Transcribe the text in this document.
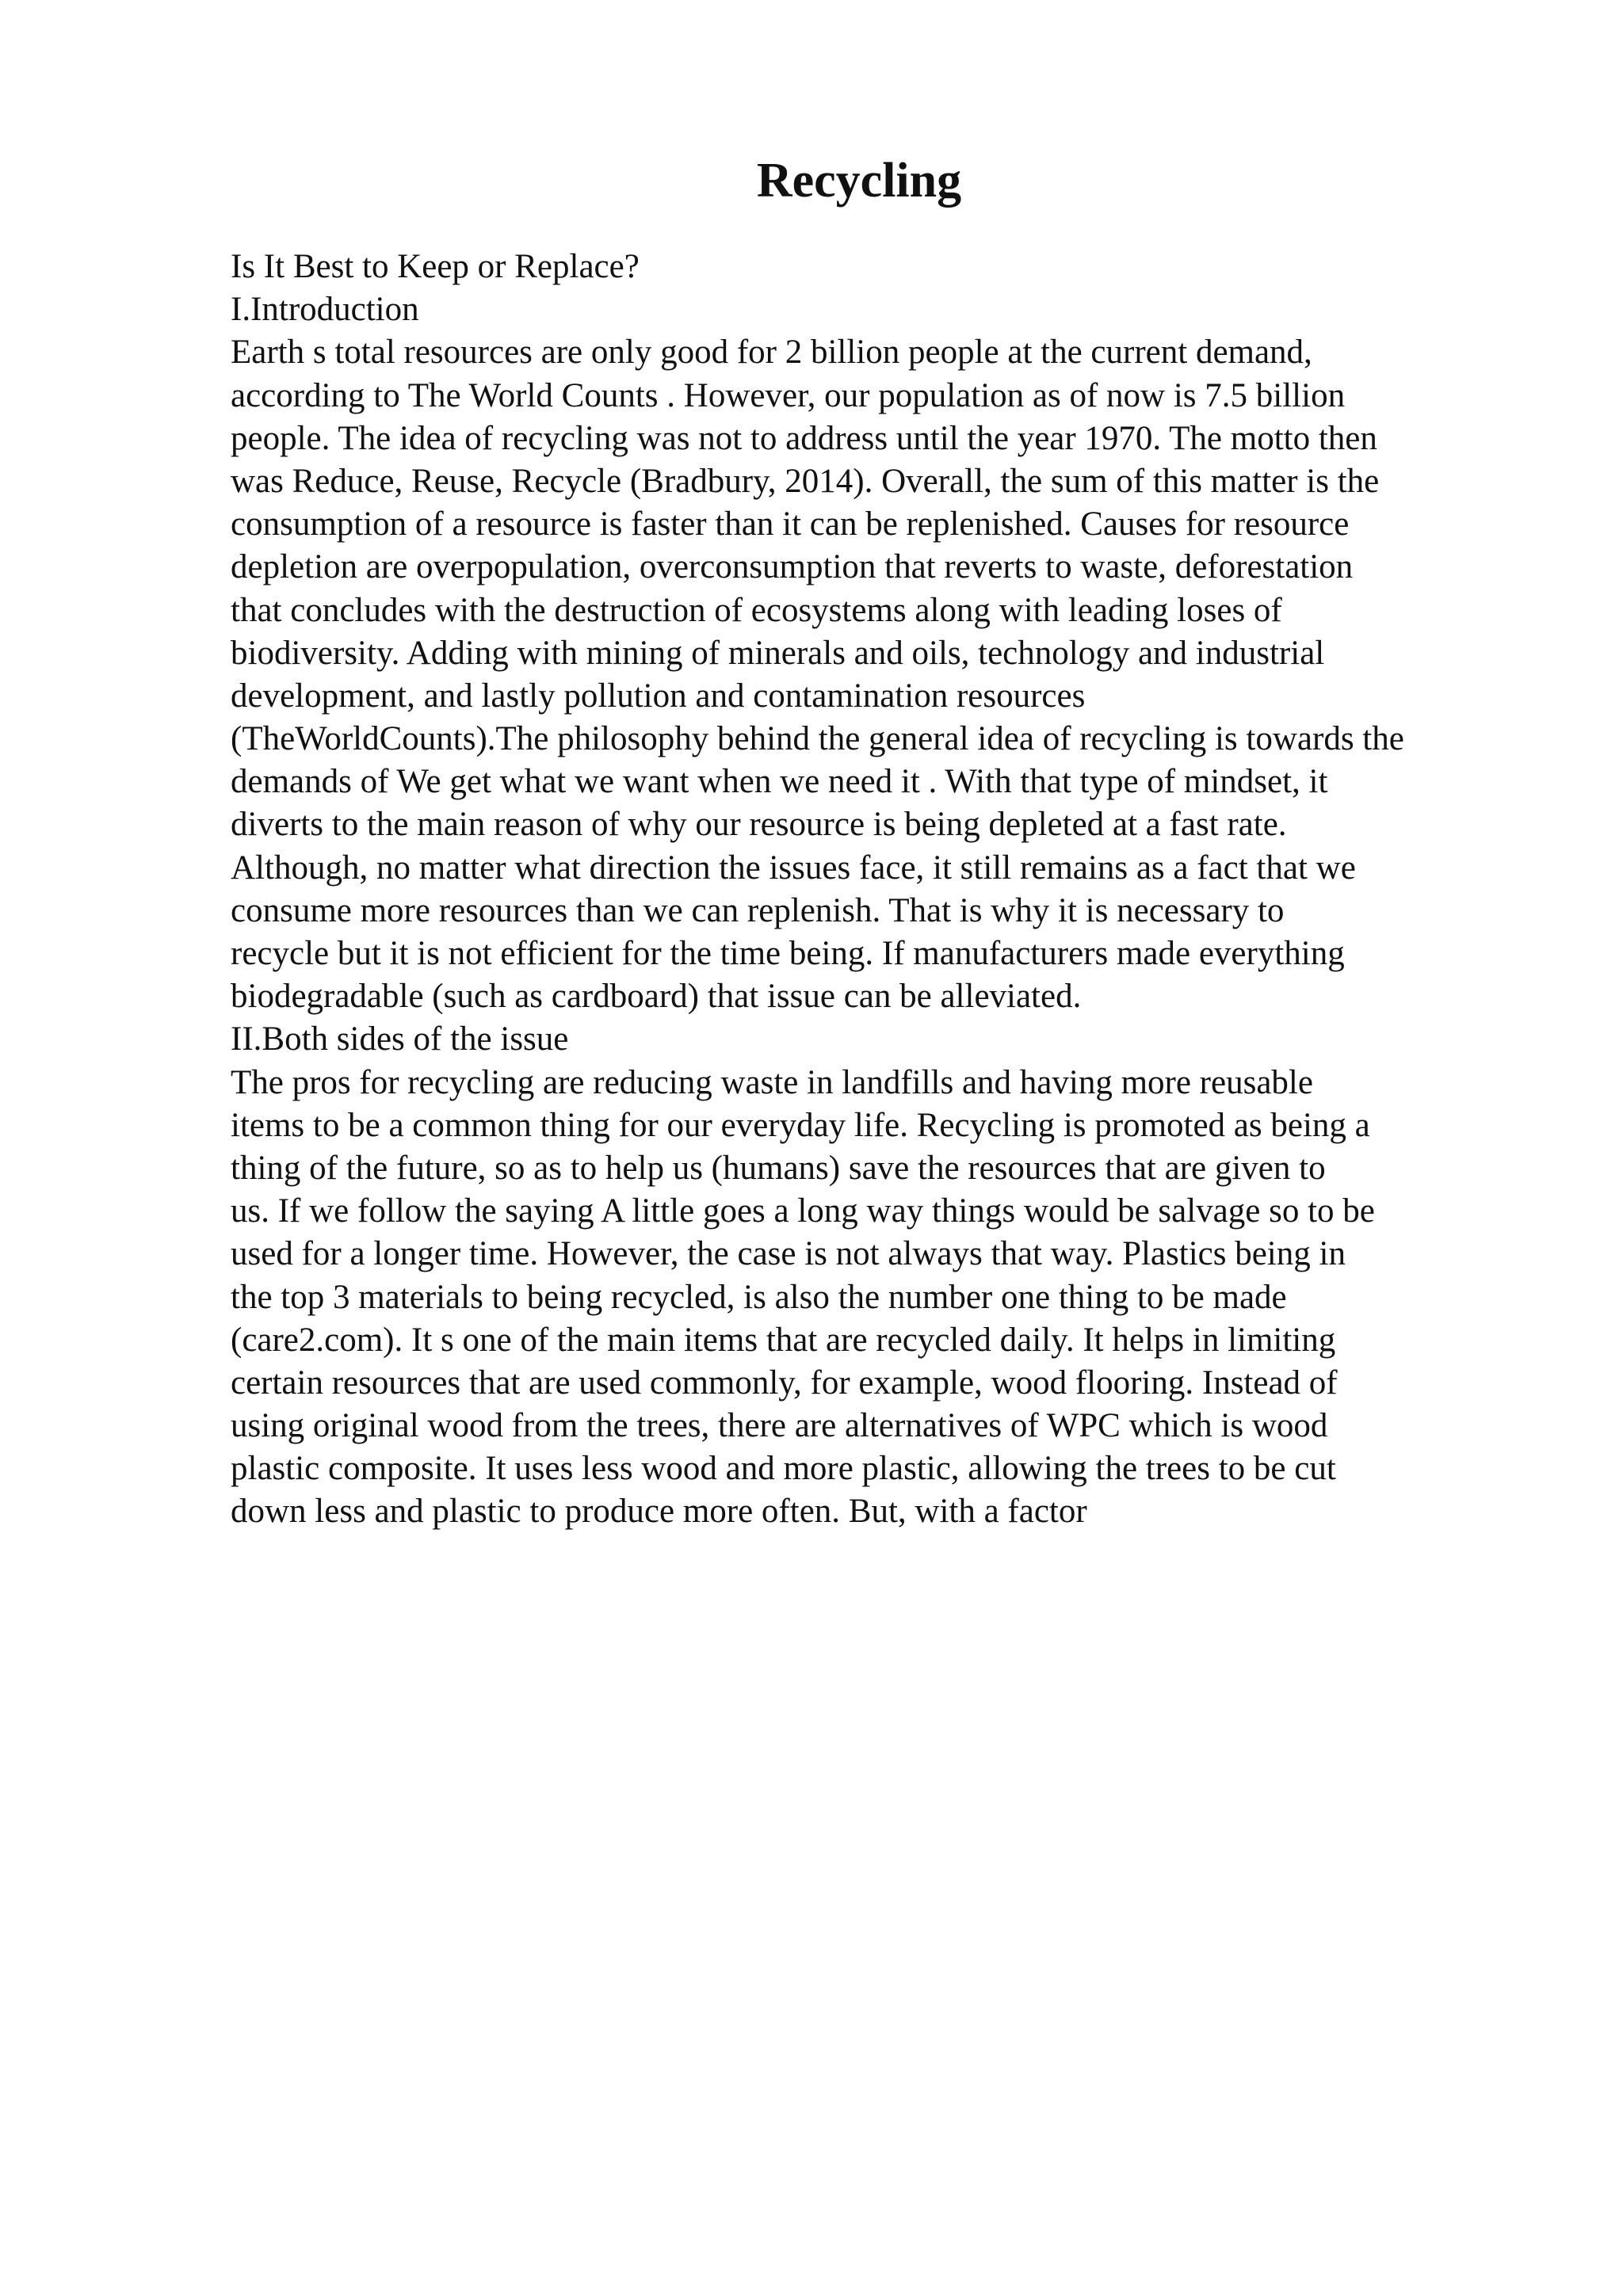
Recycling
Is It Best to Keep or Replace?
I.Introduction
Earth s total resources are only good for 2 billion people at the current demand,
according to The World Counts . However, our population as of now is 7.5 billion
people. The idea of recycling was not to address until the year 1970. The motto then
was Reduce, Reuse, Recycle (Bradbury, 2014). Overall, the sum of this matter is the
consumption of a resource is faster than it can be replenished. Causes for resource
depletion are overpopulation, overconsumption that reverts to waste, deforestation
that concludes with the destruction of ecosystems along with leading loses of
biodiversity. Adding with mining of minerals and oils, technology and industrial
development, and lastly pollution and contamination resources
(TheWorldCounts).The philosophy behind the general idea of recycling is towards the
demands of We get what we want when we need it . With that type of mindset, it
diverts to the main reason of why our resource is being depleted at a fast rate.
Although, no matter what direction the issues face, it still remains as a fact that we
consume more resources than we can replenish. That is why it is necessary to
recycle but it is not efficient for the time being. If manufacturers made everything
biodegradable (such as cardboard) that issue can be alleviated.
II.Both sides of the issue
The pros for recycling are reducing waste in landfills and having more reusable
items to be a common thing for our everyday life. Recycling is promoted as being a
thing of the future, so as to help us (humans) save the resources that are given to
us. If we follow the saying A little goes a long way things would be salvage so to be
used for a longer time. However, the case is not always that way. Plastics being in
the top 3 materials to being recycled, is also the number one thing to be made
(care2.com). It s one of the main items that are recycled daily. It helps in limiting
certain resources that are used commonly, for example, wood flooring. Instead of
using original wood from the trees, there are alternatives of WPC which is wood
plastic composite. It uses less wood and more plastic, allowing the trees to be cut
down less and plastic to produce more often. But, with a factor
